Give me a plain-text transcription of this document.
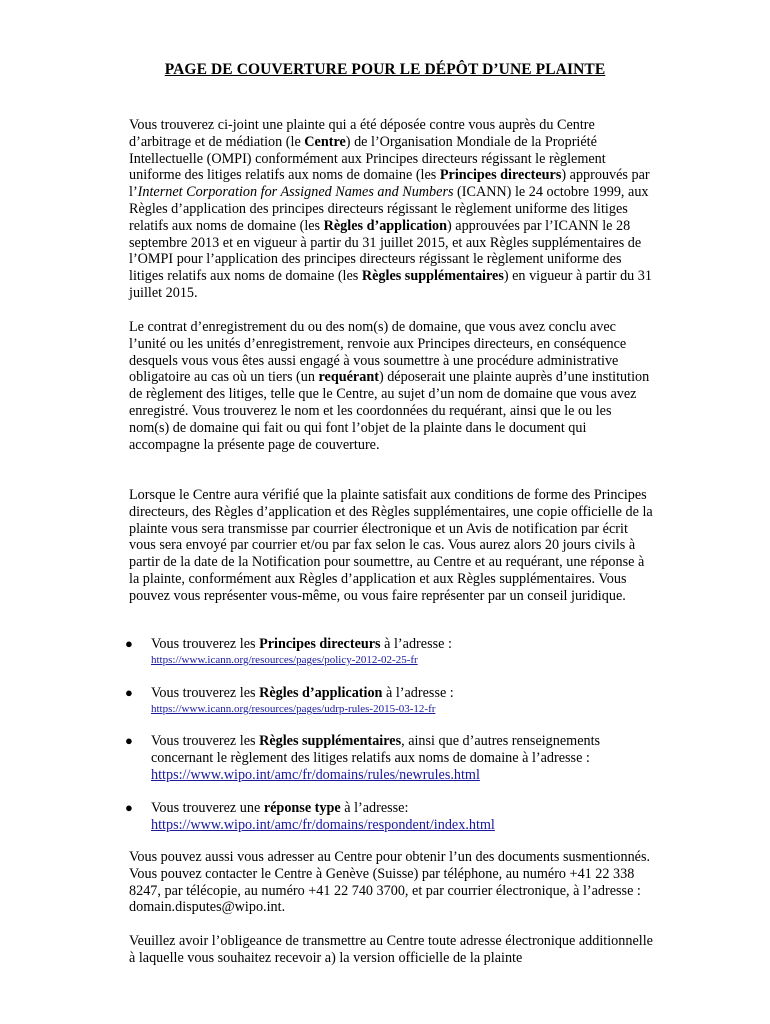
PAGE DE COUVERTURE POUR LE DÉPÔT D’UNE PLAINTE
Vous trouverez ci-joint une plainte qui a été déposée contre vous auprès du Centre d’arbitrage et de médiation (le Centre) de l’Organisation Mondiale de la Propriété Intellectuelle (OMPI) conformément aux Principes directeurs régissant le règlement uniforme des litiges relatifs aux noms de domaine (les Principes directeurs) approuvés par l’Internet Corporation for Assigned Names and Numbers (ICANN) le 24 octobre 1999, aux Règles d’application des principes directeurs régissant le règlement uniforme des litiges relatifs aux noms de domaine (les Règles d’application) approuvées par l’ICANN le 28 septembre 2013 et en vigueur à partir du 31 juillet 2015, et aux Règles supplémentaires de l’OMPI pour l’application des principes directeurs régissant le règlement uniforme des litiges relatifs aux noms de domaine (les Règles supplémentaires) en vigueur à partir du 31 juillet 2015.
Le contrat d’enregistrement du ou des nom(s) de domaine, que vous avez conclu avec l’unité ou les unités d’enregistrement, renvoie aux Principes directeurs, en conséquence desquels vous vous êtes aussi engagé à vous soumettre à une procédure administrative obligatoire au cas où un tiers (un requérant) déposerait une plainte auprès d’une institution de règlement des litiges, telle que le Centre, au sujet d’un nom de domaine que vous avez enregistré. Vous trouverez le nom et les coordonnées du requérant, ainsi que le ou les nom(s) de domaine qui fait ou qui font l’objet de la plainte dans le document qui accompagne la présente page de couverture.
Lorsque le Centre aura vérifié que la plainte satisfait aux conditions de forme des Principes directeurs, des Règles d’application et des Règles supplémentaires, une copie officielle de la plainte vous sera transmisse par courrier électronique et un Avis de notification par écrit vous sera envoyé par courrier et/ou par fax selon le cas. Vous aurez alors 20 jours civils à partir de la date de la Notification pour soumettre, au Centre et au requérant, une réponse à la plainte, conformément aux Règles d’application et aux Règles supplémentaires. Vous pouvez vous représenter vous-même, ou vous faire représenter par un conseil juridique.
● Vous trouverez les Principes directeurs à l’adresse :
https://www.icann.org/resources/pages/policy-2012-02-25-fr
● Vous trouverez les Règles d’application à l’adresse :
https://www.icann.org/resources/pages/udrp-rules-2015-03-12-fr
● Vous trouverez les Règles supplémentaires, ainsi que d’autres renseignements concernant le règlement des litiges relatifs aux noms de domaine à l’adresse :
https://www.wipo.int/amc/fr/domains/rules/newrules.html
● Vous trouverez une réponse type à l’adresse:
https://www.wipo.int/amc/fr/domains/respondent/index.html
Vous pouvez aussi vous adresser au Centre pour obtenir l’un des documents susmentionnés. Vous pouvez contacter le Centre à Genève (Suisse) par téléphone, au numéro +41 22 338 8247, par télécopie, au numéro +41 22 740 3700, et par courrier électronique, à l’adresse : domain.disputes@wipo.int.
Veuillez avoir l’obligeance de transmettre au Centre toute adresse électronique additionnelle à laquelle vous souhaitez recevoir a) la version officielle de la plainte
